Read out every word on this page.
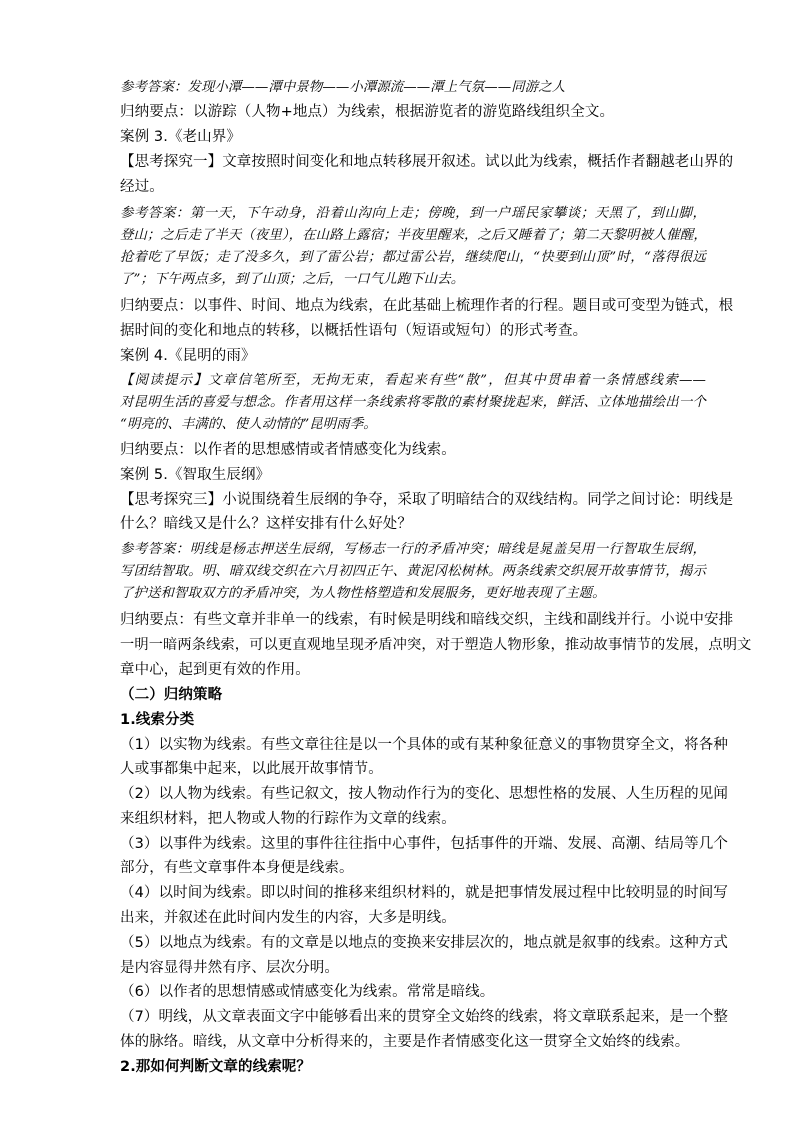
参考答案：发现小潭——潭中景物——小潭源流——潭上气氛——同游之人
归纳要点：以游踪（人物+地点）为线索，根据游览者的游览路线组织全文。
案例 3.《老山界》
【思考探究一】文章按照时间变化和地点转移展开叙述。试以此为线索，概括作者翻越老山界的
经过。
参考答案：第一天，下午动身，沿着山沟向上走；傍晚，到一户瑶民家攀谈；天黑了，到山脚，
登山；之后走了半天（夜里），在山路上露宿；半夜里醒来，之后又睡着了；第二天黎明被人催醒，
抢着吃了早饭；走了没多久，到了雷公岩；都过雷公岩，继续爬山，“快要到山顶”时，“落得很远
了”；下午两点多，到了山顶；之后，一口气儿跑下山去。
归纳要点：以事件、时间、地点为线索，在此基础上梳理作者的行程。题目或可变型为链式，根
据时间的变化和地点的转移，以概括性语句（短语或短句）的形式考查。
案例 4.《昆明的雨》
【阅读提示】文章信笔所至，无拘无束，看起来有些“散”，但其中贯串着一条情感线索——
对昆明生活的喜爱与想念。作者用这样一条线索将零散的素材聚拢起来，鲜活、立体地描绘出一个
“明亮的、丰满的、使人动情的”昆明雨季。
归纳要点：以作者的思想感情或者情感变化为线索。
案例 5.《智取生辰纲》
【思考探究三】小说围绕着生辰纲的争夺，采取了明暗结合的双线结构。同学之间讨论：明线是
什么？暗线又是什么？这样安排有什么好处？
参考答案：明线是杨志押送生辰纲，写杨志一行的矛盾冲突；暗线是晁盖吴用一行智取生辰纲，
写团结智取。明、暗双线交织在六月初四正午、黄泥冈松树林。两条线索交织展开故事情节，揭示
了护送和智取双方的矛盾冲突，为人物性格塑造和发展服务，更好地表现了主题。
归纳要点：有些文章并非单一的线索，有时候是明线和暗线交织，主线和副线并行。小说中安排
一明一暗两条线索，可以更直观地呈现矛盾冲突，对于塑造人物形象，推动故事情节的发展，点明文
章中心，起到更有效的作用。
（二）归纳策略
1.线索分类
（1）以实物为线索。有些文章往往是以一个具体的或有某种象征意义的事物贯穿全文，将各种
人或事都集中起来，以此展开故事情节。
（2）以人物为线索。有些记叙文，按人物动作行为的变化、思想性格的发展、人生历程的见闻
来组织材料，把人物或人物的行踪作为文章的线索。
（3）以事件为线索。这里的事件往往指中心事件，包括事件的开端、发展、高潮、结局等几个
部分，有些文章事件本身便是线索。
（4）以时间为线索。即以时间的推移来组织材料的，就是把事情发展过程中比较明显的时间写
出来，并叙述在此时间内发生的内容，大多是明线。
（5）以地点为线索。有的文章是以地点的变换来安排层次的，地点就是叙事的线索。这种方式
是内容显得井然有序、层次分明。
（6）以作者的思想情感或情感变化为线索。常常是暗线。
（7）明线，从文章表面文字中能够看出来的贯穿全文始终的线索，将文章联系起来，是一个整
体的脉络。暗线，从文章中分析得来的，主要是作者情感变化这一贯穿全文始终的线索。
2.那如何判断文章的线索呢？
